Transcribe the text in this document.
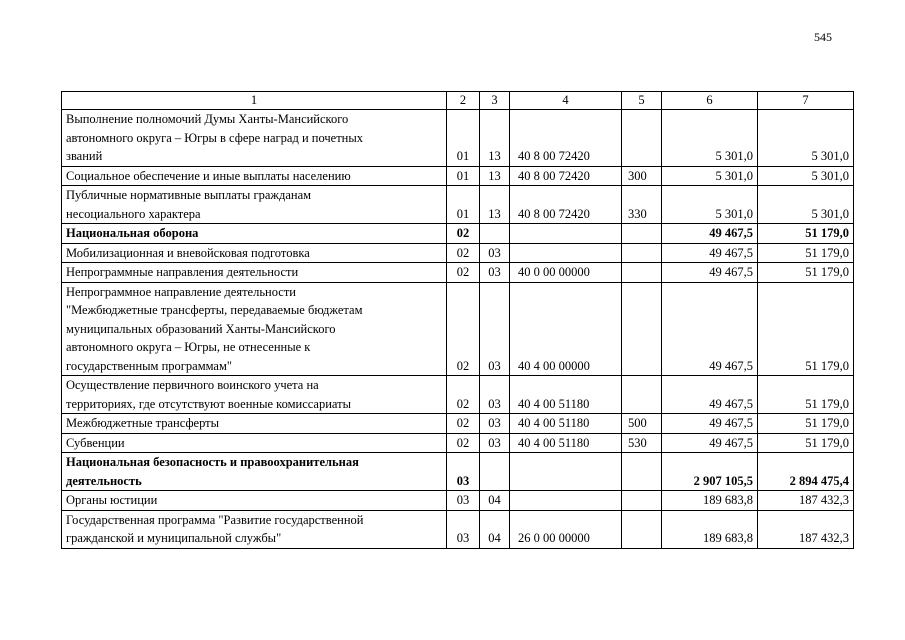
545
1	2	3	4	5	6	7
Выполнение полномочий Думы Ханты-Мансийского
автономного округа – Югры в сфере наград и почетных
званий	01	13	40 8 00 72420		5 301,0	5 301,0
Социальное обеспечение и иные выплаты населению	01	13	40 8 00 72420	300	5 301,0	5 301,0
Публичные нормативные выплаты гражданам
несоциального характера	01	13	40 8 00 72420	330	5 301,0	5 301,0
Национальная оборона	02				49 467,5	51 179,0
Мобилизационная и вневойсковая подготовка	02	03			49 467,5	51 179,0
Непрограммные направления деятельности	02	03	40 0 00 00000		49 467,5	51 179,0
Непрограммное направление деятельности
"Межбюджетные трансферты, передаваемые бюджетам
муниципальных образований Ханты-Мансийского
автономного округа – Югры, не отнесенные к
государственным программам"	02	03	40 4 00 00000		49 467,5	51 179,0
Осуществление первичного воинского учета на
территориях, где отсутствуют военные комиссариаты	02	03	40 4 00 51180		49 467,5	51 179,0
Межбюджетные трансферты	02	03	40 4 00 51180	500	49 467,5	51 179,0
Субвенции	02	03	40 4 00 51180	530	49 467,5	51 179,0
Национальная безопасность и правоохранительная
деятельность	03				2 907 105,5	2 894 475,4
Органы юстиции	03	04			189 683,8	187 432,3
Государственная программа "Развитие государственной
гражданской и муниципальной службы"	03	04	26 0 00 00000		189 683,8	187 432,3
